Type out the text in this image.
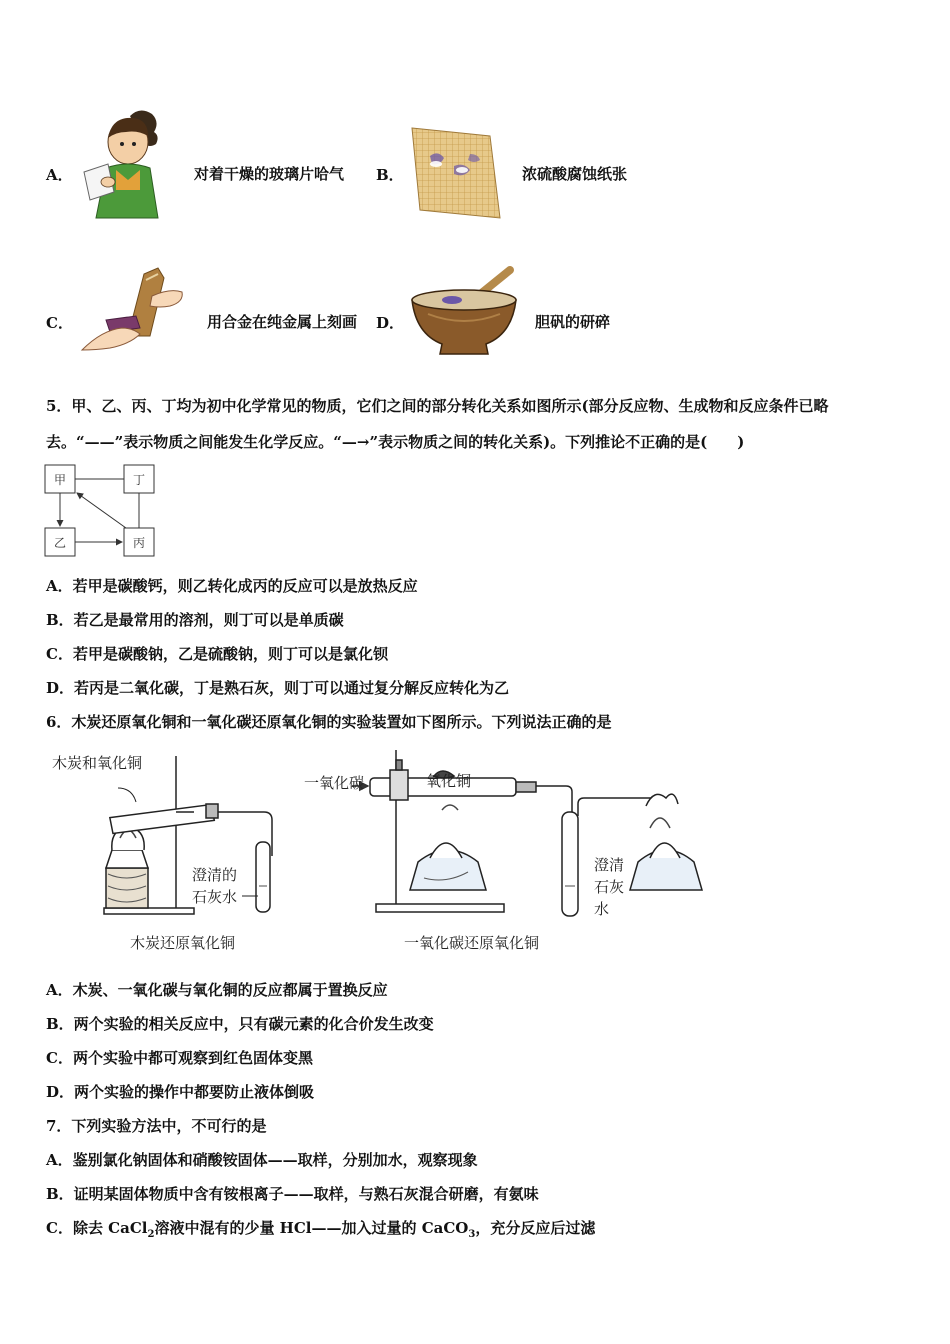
A．	对着干燥的玻璃片哈气 B．	浓硫酸腐蚀纸张
C．	用合金在纯金属上刻画 D．	胆矾的研碎
5．甲、乙、丙、丁均为初中化学常见的物质，它们之间的部分转化关系如图所示(部分反应物、生成物和反应条件已略
去。“——”表示物质之间能发生化学反应。“—→”表示物质之间的转化关系)。下列推论不正确的是(　　)
甲	丁
乙	丙
A．若甲是碳酸钙，则乙转化成丙的反应可以是放热反应
B．若乙是最常用的溶剂，则丁可以是单质碳
C．若甲是碳酸钠，乙是硫酸钠，则丁可以是氯化钡
D．若丙是二氧化碳，丁是熟石灰，则丁可以通过复分解反应转化为乙
6．木炭还原氧化铜和一氧化碳还原氧化铜的实验装置如下图所示。下列说法正确的是
木炭和氧化铜
澄清的
石灰水
木炭还原氧化铜
一氧化碳	氧化铜
澄清
石灰
水
一氧化碳还原氧化铜
A．木炭、一氧化碳与氧化铜的反应都属于置换反应
B．两个实验的相关反应中，只有碳元素的化合价发生改变
C．两个实验中都可观察到红色固体变黑
D．两个实验的操作中都要防止液体倒吸
7．下列实验方法中，不可行的是
A．鉴别氯化钠固体和硝酸铵固体——取样，分别加水，观察现象
B．证明某固体物质中含有铵根离子——取样，与熟石灰混合研磨，有氨味
C．除去 CaCl$_2$溶液中混有的少量 HCl——加入过量的 CaCO$_3$，充分反应后过滤
